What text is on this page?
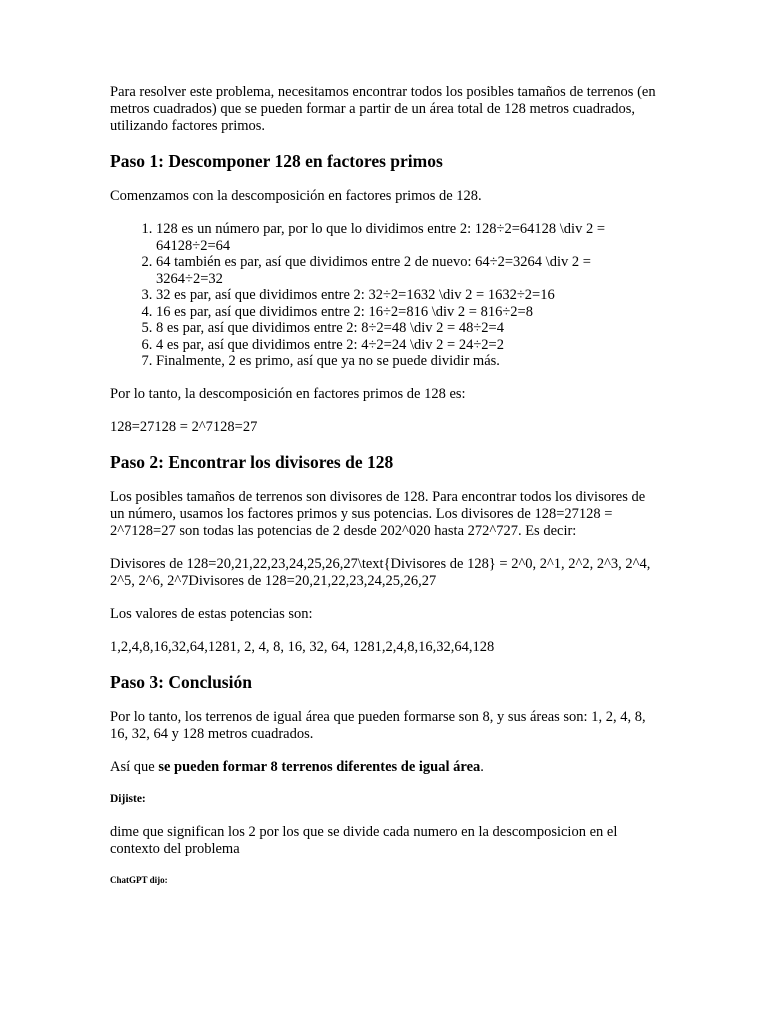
Para resolver este problema, necesitamos encontrar todos los posibles tamaños de terrenos (en metros cuadrados) que se pueden formar a partir de un área total de 128 metros cuadrados, utilizando factores primos.

Paso 1: Descomponer 128 en factores primos

Comenzamos con la descomposición en factores primos de 128.

1. 128 es un número par, por lo que lo dividimos entre 2: 128÷2=64128 \div 2 = 64128÷2=64
2. 64 también es par, así que dividimos entre 2 de nuevo: 64÷2=3264 \div 2 = 3264÷2=32
3. 32 es par, así que dividimos entre 2: 32÷2=1632 \div 2 = 1632÷2=16
4. 16 es par, así que dividimos entre 2: 16÷2=816 \div 2 = 816÷2=8
5. 8 es par, así que dividimos entre 2: 8÷2=48 \div 2 = 48÷2=4
6. 4 es par, así que dividimos entre 2: 4÷2=24 \div 2 = 24÷2=2
7. Finalmente, 2 es primo, así que ya no se puede dividir más.

Por lo tanto, la descomposición en factores primos de 128 es:

128=27128 = 2^7128=27

Paso 2: Encontrar los divisores de 128

Los posibles tamaños de terrenos son divisores de 128. Para encontrar todos los divisores de un número, usamos los factores primos y sus potencias. Los divisores de 128=27128 = 2^7128=27 son todas las potencias de 2 desde 202^020 hasta 272^727. Es decir:

Divisores de 128=20,21,22,23,24,25,26,27\text{Divisores de 128} = 2^0, 2^1, 2^2, 2^3, 2^4, 2^5, 2^6, 2^7Divisores de 128=20,21,22,23,24,25,26,27

Los valores de estas potencias son:

1,2,4,8,16,32,64,1281, 2, 4, 8, 16, 32, 64, 1281,2,4,8,16,32,64,128

Paso 3: Conclusión

Por lo tanto, los terrenos de igual área que pueden formarse son 8, y sus áreas son: 1, 2, 4, 8, 16, 32, 64 y 128 metros cuadrados.

Así que se pueden formar 8 terrenos diferentes de igual área.

Dijiste:

dime que significan los 2 por los que se divide cada numero en la descomposicion en el contexto del problema

ChatGPT dijo:
